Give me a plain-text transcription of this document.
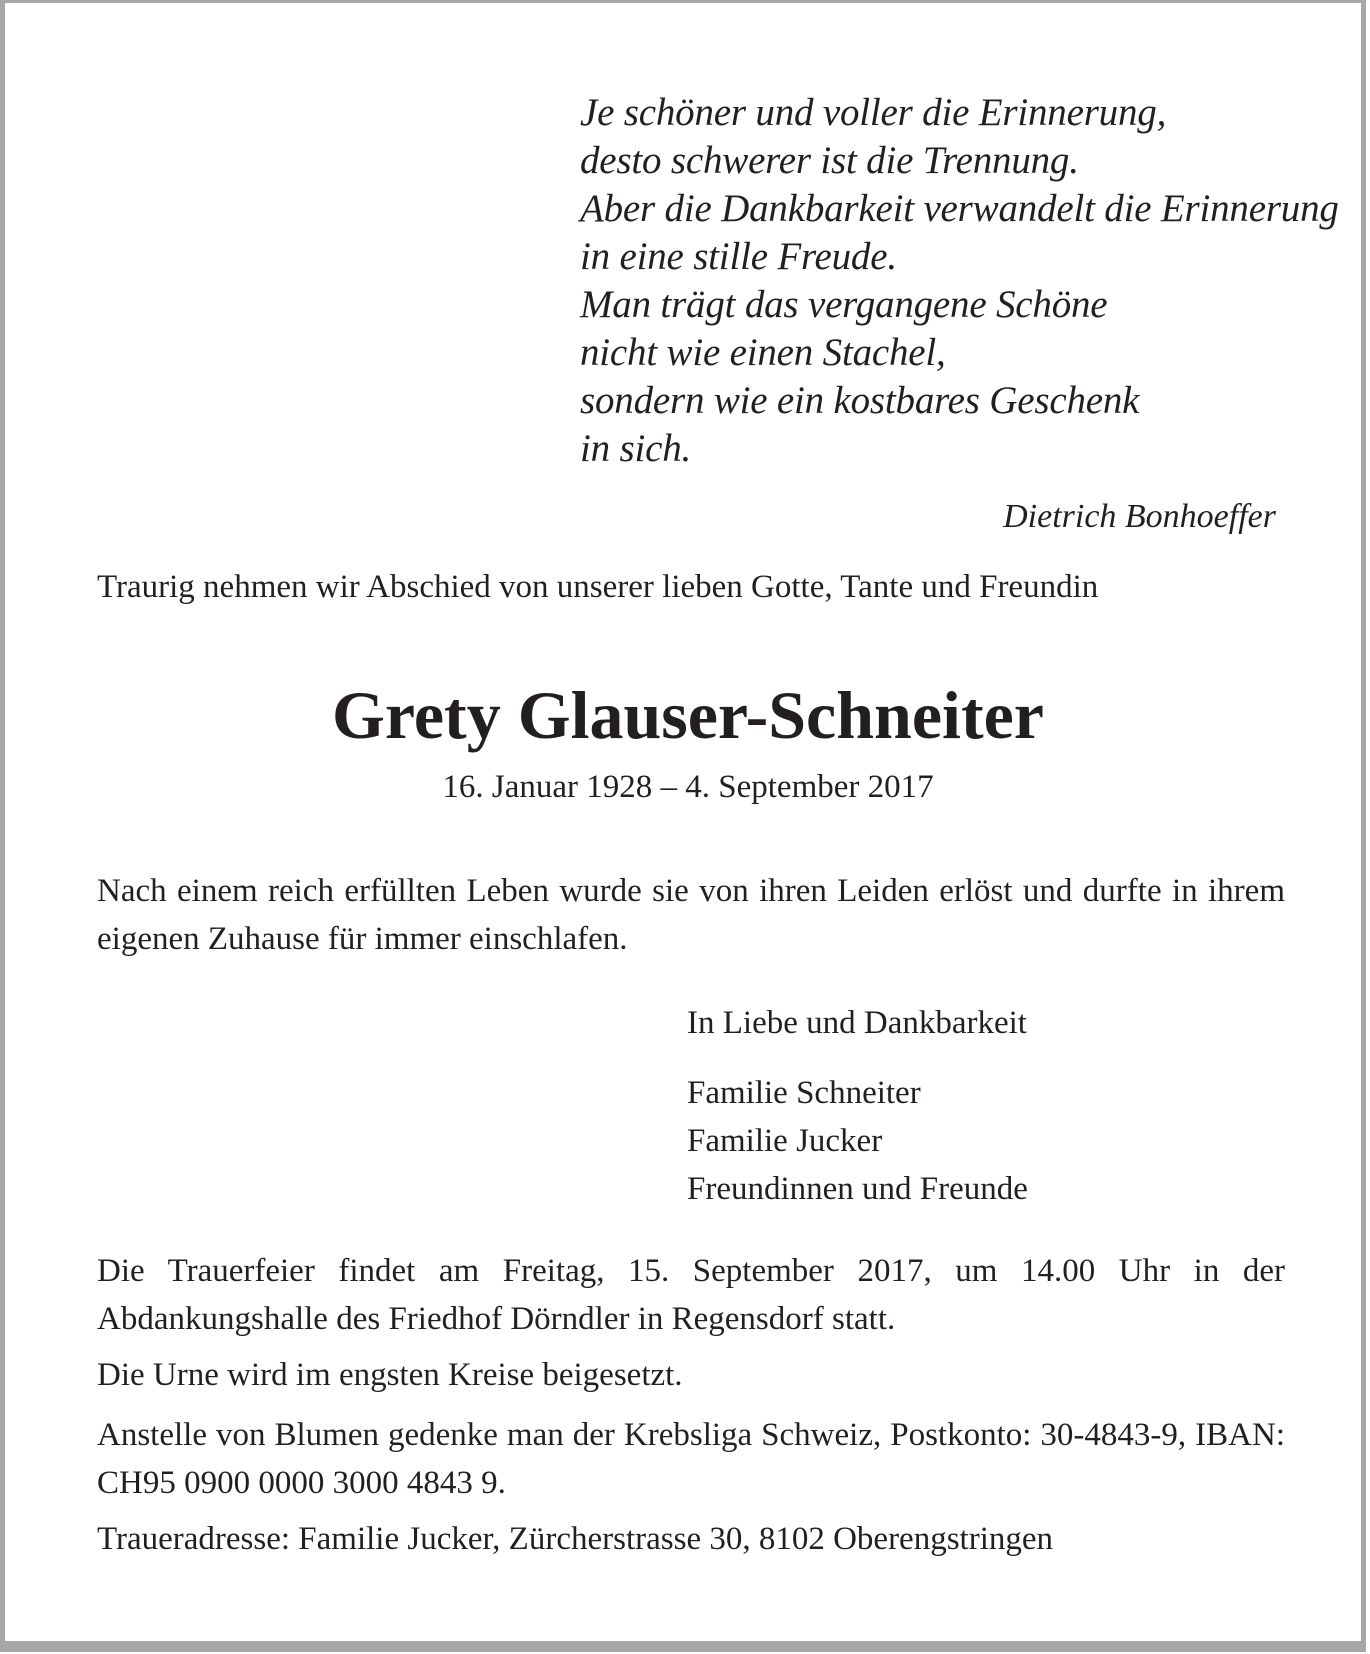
Je schöner und voller die Erinnerung,
desto schwerer ist die Trennung.
Aber die Dankbarkeit verwandelt die Erinnerung
in eine stille Freude.
Man trägt das vergangene Schöne
nicht wie einen Stachel,
sondern wie ein kostbares Geschenk
in sich.
Dietrich Bonhoeffer
Traurig nehmen wir Abschied von unserer lieben Gotte, Tante und Freundin
Grety Glauser-Schneiter
16. Januar 1928 – 4. September 2017
Nach einem reich erfüllten Leben wurde sie von ihren Leiden erlöst und durfte in ihrem eigenen Zuhause für immer einschlafen.
In Liebe und Dankbarkeit
Familie Schneiter
Familie Jucker
Freundinnen und Freunde
Die Trauerfeier findet am Freitag, 15. September 2017, um 14.00 Uhr in der Abdankungshalle des Friedhof Dörndler in Regensdorf statt.
Die Urne wird im engsten Kreise beigesetzt.
Anstelle von Blumen gedenke man der Krebsliga Schweiz, Postkonto: 30-4843-9, IBAN: CH95 0900 0000 3000 4843 9.
Traueradresse: Familie Jucker, Zürcherstrasse 30, 8102 Oberengstringen
